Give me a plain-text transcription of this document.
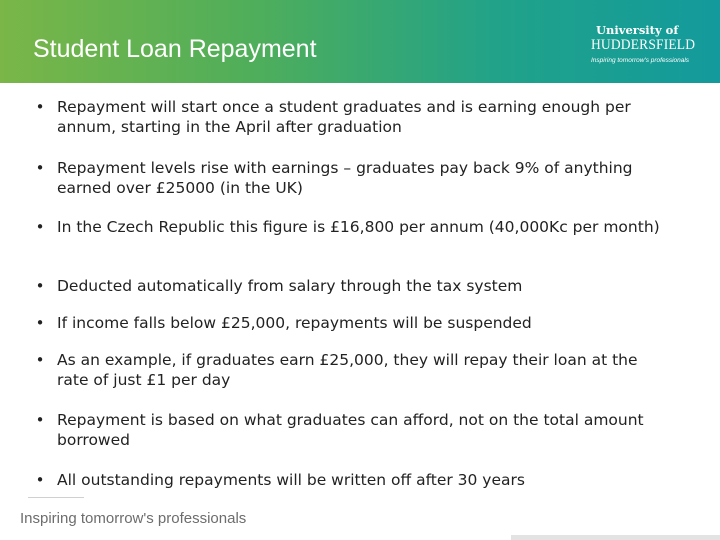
Student Loan Repayment
University of
HUDDERSFIELD
Inspiring tomorrow's professionals
• Repayment will start once a student graduates and is earning enough per annum, starting in the April after graduation
• Repayment levels rise with earnings – graduates pay back 9% of anything earned over £25000 (in the UK)
• In the Czech Republic this figure is £16,800 per annum (40,000Kc per month)
• Deducted automatically from salary through the tax system
• If income falls below £25,000, repayments will be suspended
• As an example, if graduates earn £25,000, they will repay their loan at the rate of just £1 per day
• Repayment is based on what graduates can afford, not on the total amount borrowed
• All outstanding repayments will be written off after 30 years
Inspiring tomorrow's professionals
